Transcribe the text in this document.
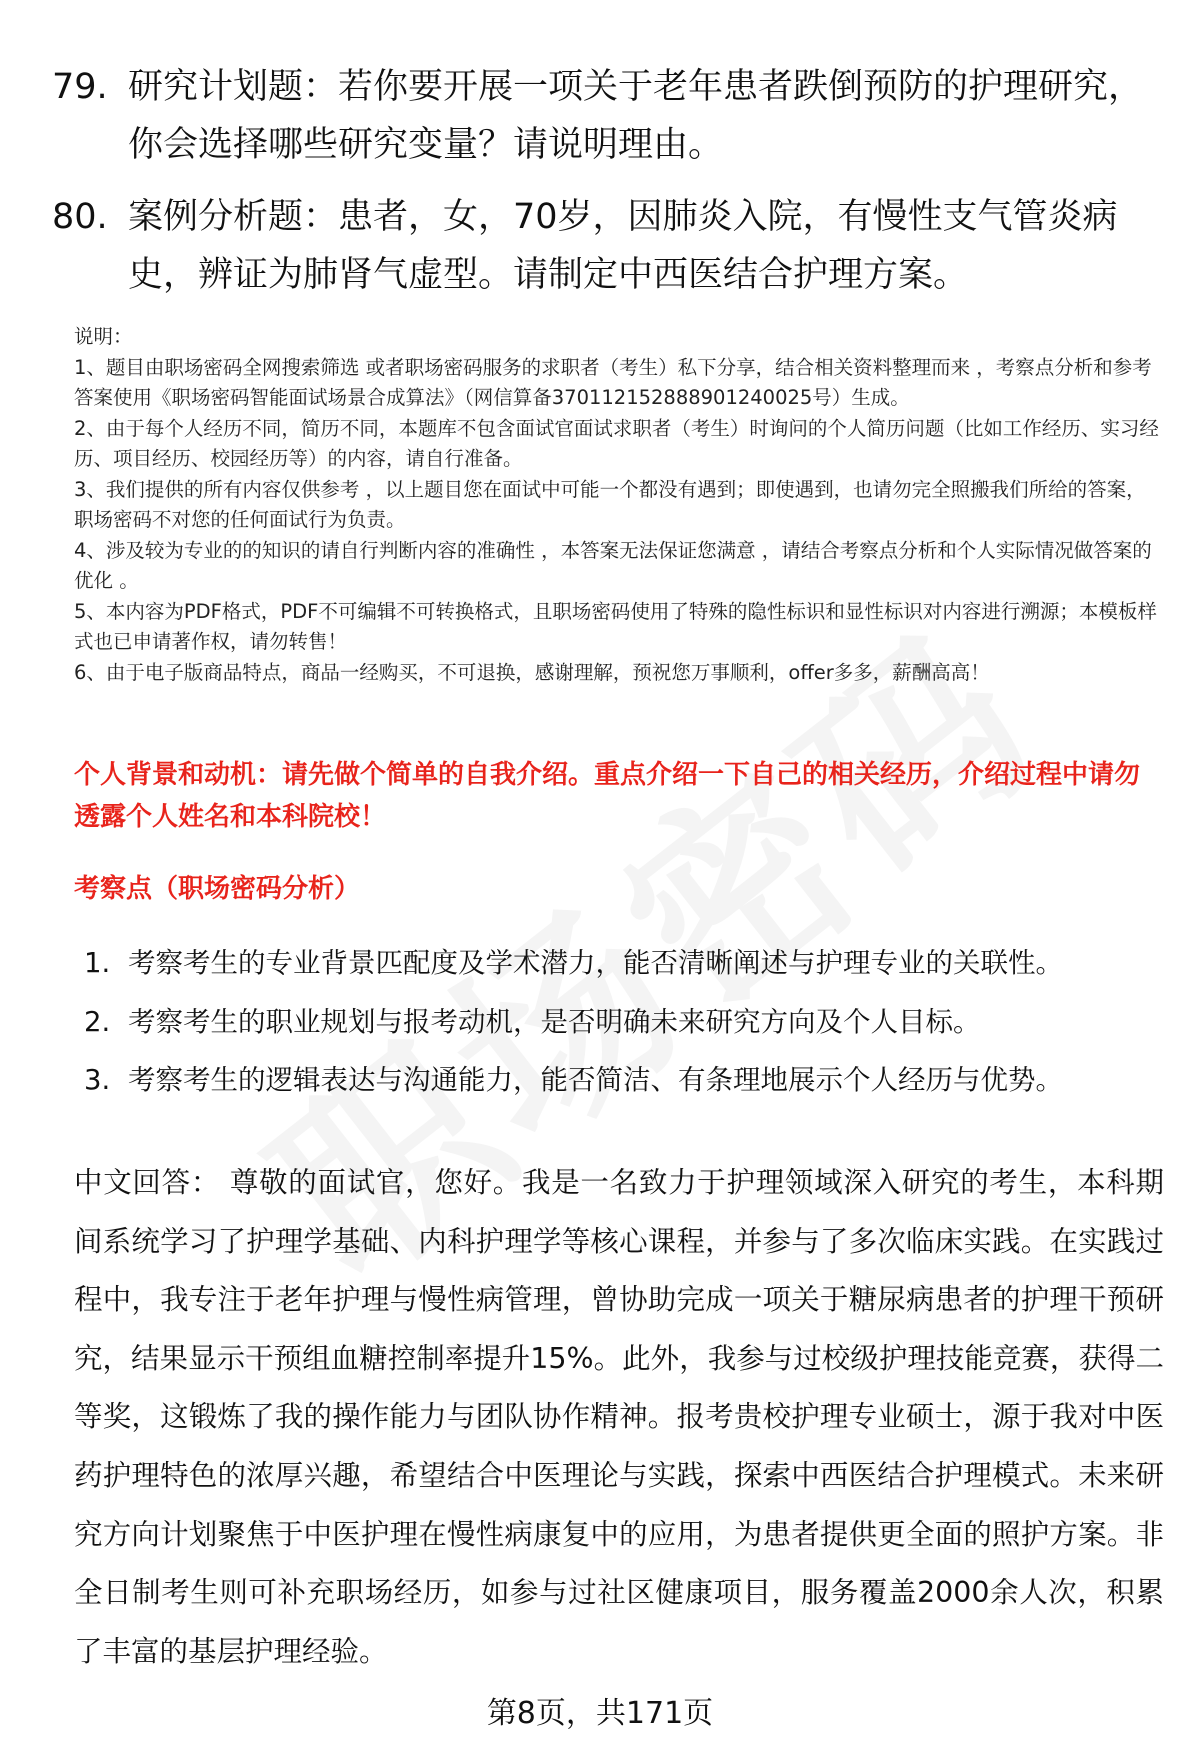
79. 研究计划题：若你要开展一项关于老年患者跌倒预防的护理研究，你会选择哪些研究变量？请说明理由。
80. 案例分析题：患者，女，70岁，因肺炎入院，有慢性支气管炎病史，辨证为肺肾气虚型。请制定中西医结合护理方案。
说明：
1、题目由职场密码全网搜索筛选 或者职场密码服务的求职者（考生）私下分享，结合相关资料整理而来 ，考察点分析和参考答案使用《职场密码智能面试场景合成算法》（网信算备37011215288890124002​5号）生成。
2、由于每个人经历不同，简历不同，本题库不包含面试官面试求职者（考生）时询问的个人简历问题（比如工作经历、实习经历、项目经历、校园经历等）的内容，请自行准备。
3、我们提供的所有内容仅供参考 ，以上题目您在面试中可能一个都没有遇到；即使遇到，也请勿完全照搬我们所给的答案，职场密码不对您的任何面试行为负责。
4、涉及较为专业的的知识的请自行判断内容的准确性 ，本答案无法保证您满意 ，请结合考察点分析和个人实际情况做答案的优化 。
5、本内容为PDF格式，PDF不可编辑不可转换格式，且职场密码使用了特殊的隐性标识和显性标识对内容进行溯源；本模板样式也已申请著作权，请勿转售！
6、由于电子版商品特点，商品一经购买，不可退换，感谢理解，预祝您万事顺利，offer多多，薪酬高高！
个人背景和动机：请先做个简单的自我介绍。重点介绍一下自己的相关经历，介绍过程中请勿透露个人姓名和本科院校！
考察点（职场密码分析）
1. 考察考生的专业背景匹配度及学术潜力，能否清晰阐述与护理专业的关联性。
2. 考察考生的职业规划与报考动机，是否明确未来研究方向及个人目标。
3. 考察考生的逻辑表达与沟通能力，能否简洁、有条理地展示个人经历与优势。
中文回答： 尊敬的面试官，您好。我是一名致力于护理领域深入研究的考生，本科期间系统学习了护理学基础、内科护理学等核心课程，并参与了多次临床实践。在实践过程中，我专注于老年护理与慢性病管理，曾协助完成一项关于糖尿病患者的护理干预研究，结果显示干预组血糖控制率提升15%。此外，我参与过校级护理技能竞赛，获得二等奖，这锻炼了我的操作能力与团队协作精神。报考贵校护理专业硕士，源于我对中医药护理特色的浓厚兴趣，希望结合中医理论与实践，探索中西医结合护理模式。未来研究方向计划聚焦于中医护理在慢性病康复中的应用，为患者提供更全面的照护方案。非全日制考生则可补充职场经历，如参与过社区健康项目，服务覆盖2000余人次，积累了丰富的基层护理经验。
第8页，共171页
